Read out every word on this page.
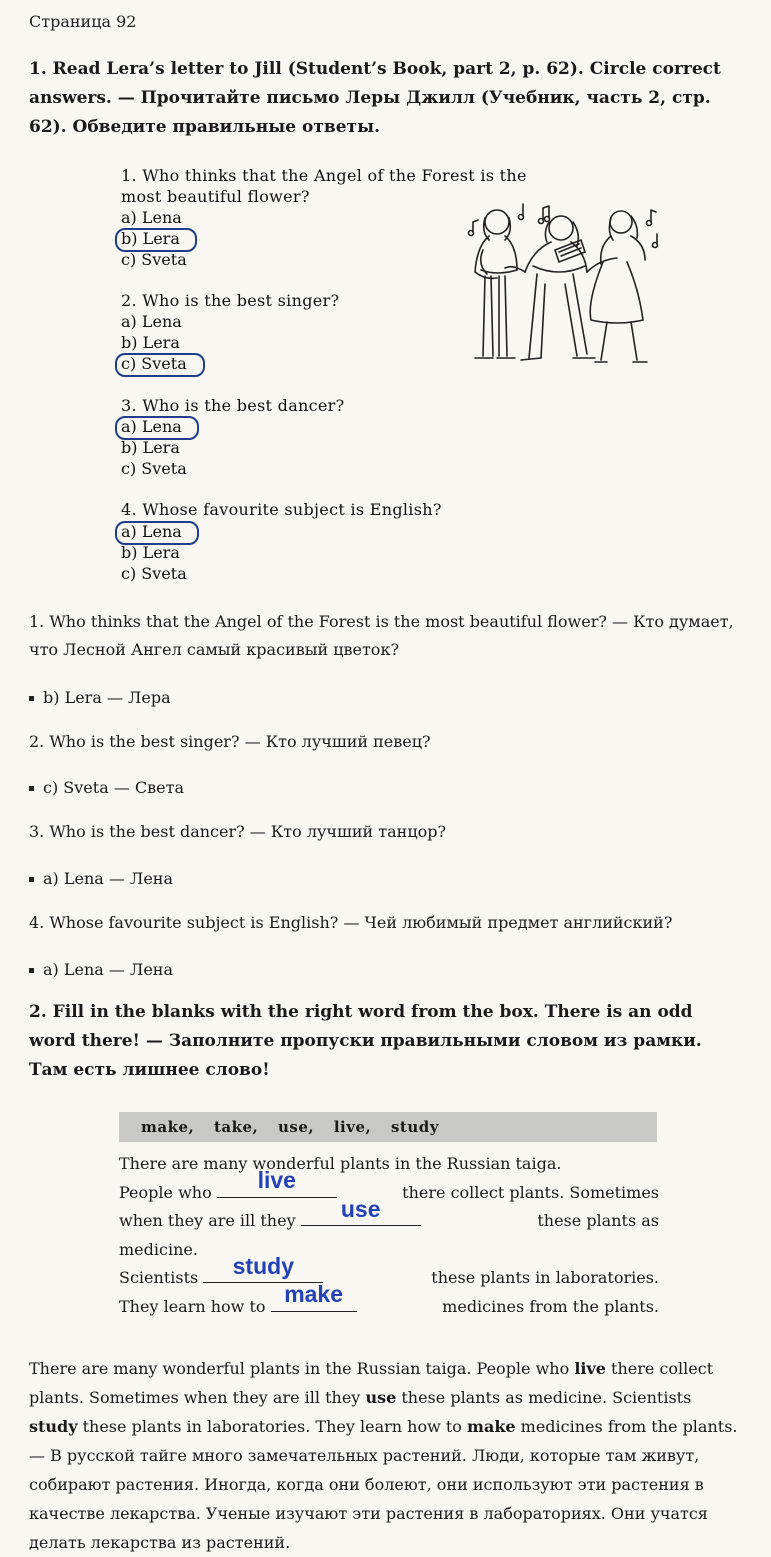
Страница 92

1. Read Lera’s letter to Jill (Student’s Book, part 2, p. 62). Circle correct answers. — Прочитайте письмо Леры Джилл (Учебник, часть 2, стр. 62). Обведите правильные ответы.

1. Who thinks that the Angel of the Forest is the
most beautiful flower?
a) Lena
b) Lera
c) Sveta
2. Who is the best singer?
a) Lena
b) Lera
c) Sveta
3. Who is the best dancer?
a) Lena
b) Lera
c) Sveta
4. Whose favourite subject is English?
a) Lena
b) Lera
c) Sveta
1. Who thinks that the Angel of the Forest is the most beautiful flower? — Кто думает, что Лесной Ангел самый красивый цветок?
b) Lera — Лера
2. Who is the best singer? — Кто лучший певец?
c) Sveta — Света
3. Who is the best dancer? — Кто лучший танцор?
a) Lena — Лена
4. Whose favourite subject is English? — Чей любимый предмет английский?
a) Lena — Лена

2. Fill in the blanks with the right word from the box. There is an odd word there! — Заполните пропуски правильными словом из рамки. Там есть лишнее слово!

make, take, use, live, study
There are many wonderful plants in the Russian taiga.
People who	live	there collect plants. Sometimes
when they are ill they	use	these plants as
medicine.
Scientists	study	these plants in laboratories.
They learn how to make	medicines from the plants.

There are many wonderful plants in the Russian taiga. People who live there collect plants. Sometimes when they are ill they use these plants as medicine. Scientists study these plants in laboratories. They learn how to make medicines from the plants. — В русской тайге много замечательных растений. Люди, которые там живут, собирают растения. Иногда, когда они болеют, они используют эти растения в качестве лекарства. Ученые изучают эти растения в лабораториях. Они учатся делать лекарства из растений.
